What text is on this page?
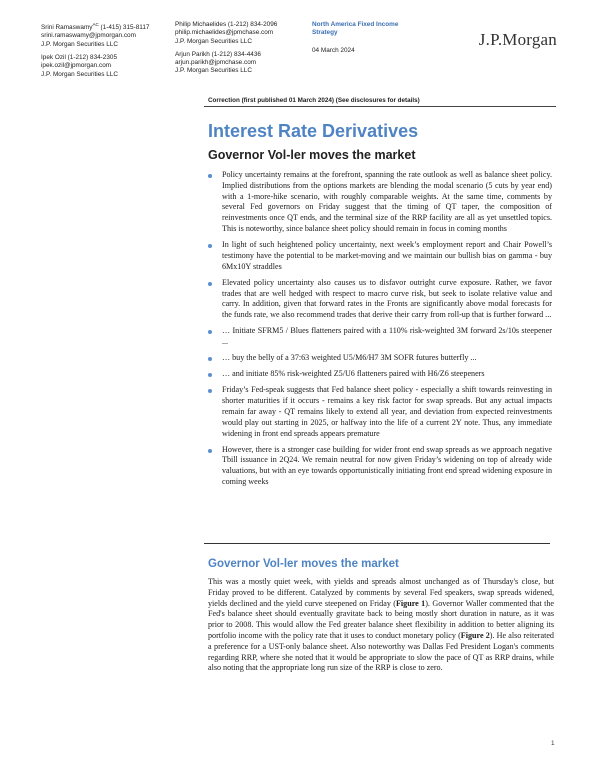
Srini Ramaswamy$^{AC}$ (1-415) 315-8117
srini.ramaswamy@jpmorgan.com
J.P. Morgan Securities LLC
Ipek Ozil (1-212) 834-2305
ipek.ozil@jpmorgan.com
J.P. Morgan Securities LLC
Philip Michaelides (1-212) 834-2096
philip.michaelides@jpmchase.com
J.P. Morgan Securities LLC
Arjun Parikh (1-212) 834-4436
arjun.parikh@jpmchase.com
J.P. Morgan Securities LLC
North America Fixed Income
Strategy
04 March 2024
J.P.Morgan
Correction (first published 01 March 2024) (See disclosures for details)
Interest Rate Derivatives
Governor Vol-ler moves the market
Policy uncertainty remains at the forefront, spanning the rate outlook as well as balance sheet policy. Implied distributions from the options markets are blending the modal scenario (5 cuts by year end) with a 1-more-hike scenario, with roughly comparable weights. At the same time, comments by several Fed governors on Friday suggest that the timing of QT taper, the composition of reinvestments once QT ends, and the terminal size of the RRP facility are all as yet unsettled topics. This is noteworthy, since balance sheet policy should remain in focus in coming months
In light of such heightened policy uncertainty, next week’s employment report and Chair Powell’s testimony have the potential to be market-moving and we maintain our bullish bias on gamma - buy 6Mx10Y straddles
Elevated policy uncertainty also causes us to disfavor outright curve exposure. Rather, we favor trades that are well hedged with respect to macro curve risk, but seek to isolate relative value and carry. In addition, given that forward rates in the Fronts are significantly above modal forecasts for the funds rate, we also recommend trades that derive their carry from roll-up that is further forward ...
… Initiate SFRM5 / Blues flatteners paired with a 110% risk-weighted 3M forward 2s/10s steepener ...
… buy the belly of a 37:63 weighted U5/M6/H7 3M SOFR futures butterfly ...
… and initiate 85% risk-weighted Z5/U6 flatteners paired with H6/Z6 steepeners
Friday’s Fed-speak suggests that Fed balance sheet policy - especially a shift towards reinvesting in shorter maturities if it occurs - remains a key risk factor for swap spreads. But any actual impacts remain far away - QT remains likely to extend all year, and deviation from expected reinvestments would play out starting in 2025, or halfway into the life of a current 2Y note. Thus, any immediate widening in front end spreads appears premature
However, there is a stronger case building for wider front end swap spreads as we approach negative Tbill issuance in 2Q24. We remain neutral for now given Friday’s widening on top of already wide valuations, but with an eye towards opportunistically initiating front end spread widening exposure in coming weeks
Governor Vol-ler moves the market

This was a mostly quiet week, with yields and spreads almost unchanged as of Thursday's close, but Friday proved to be different. Catalyzed by comments by several Fed speakers, swap spreads widened, yields declined and the yield curve steepened on Friday (Figure 1). Governor Waller commented that the Fed's balance sheet should eventually gravitate back to being mostly short duration in nature, as it was prior to 2008. This would allow the Fed greater balance sheet flexibility in addition to better aligning its portfolio income with the policy rate that it uses to conduct monetary policy (Figure 2). He also reiterated a preference for a UST-only balance sheet. Also noteworthy was Dallas Fed President Logan's comments regarding RRP, where she noted that it would be appropriate to slow the pace of QT as RRP drains, while also noting that the appropriate long run size of the RRP is close to zero.

1
